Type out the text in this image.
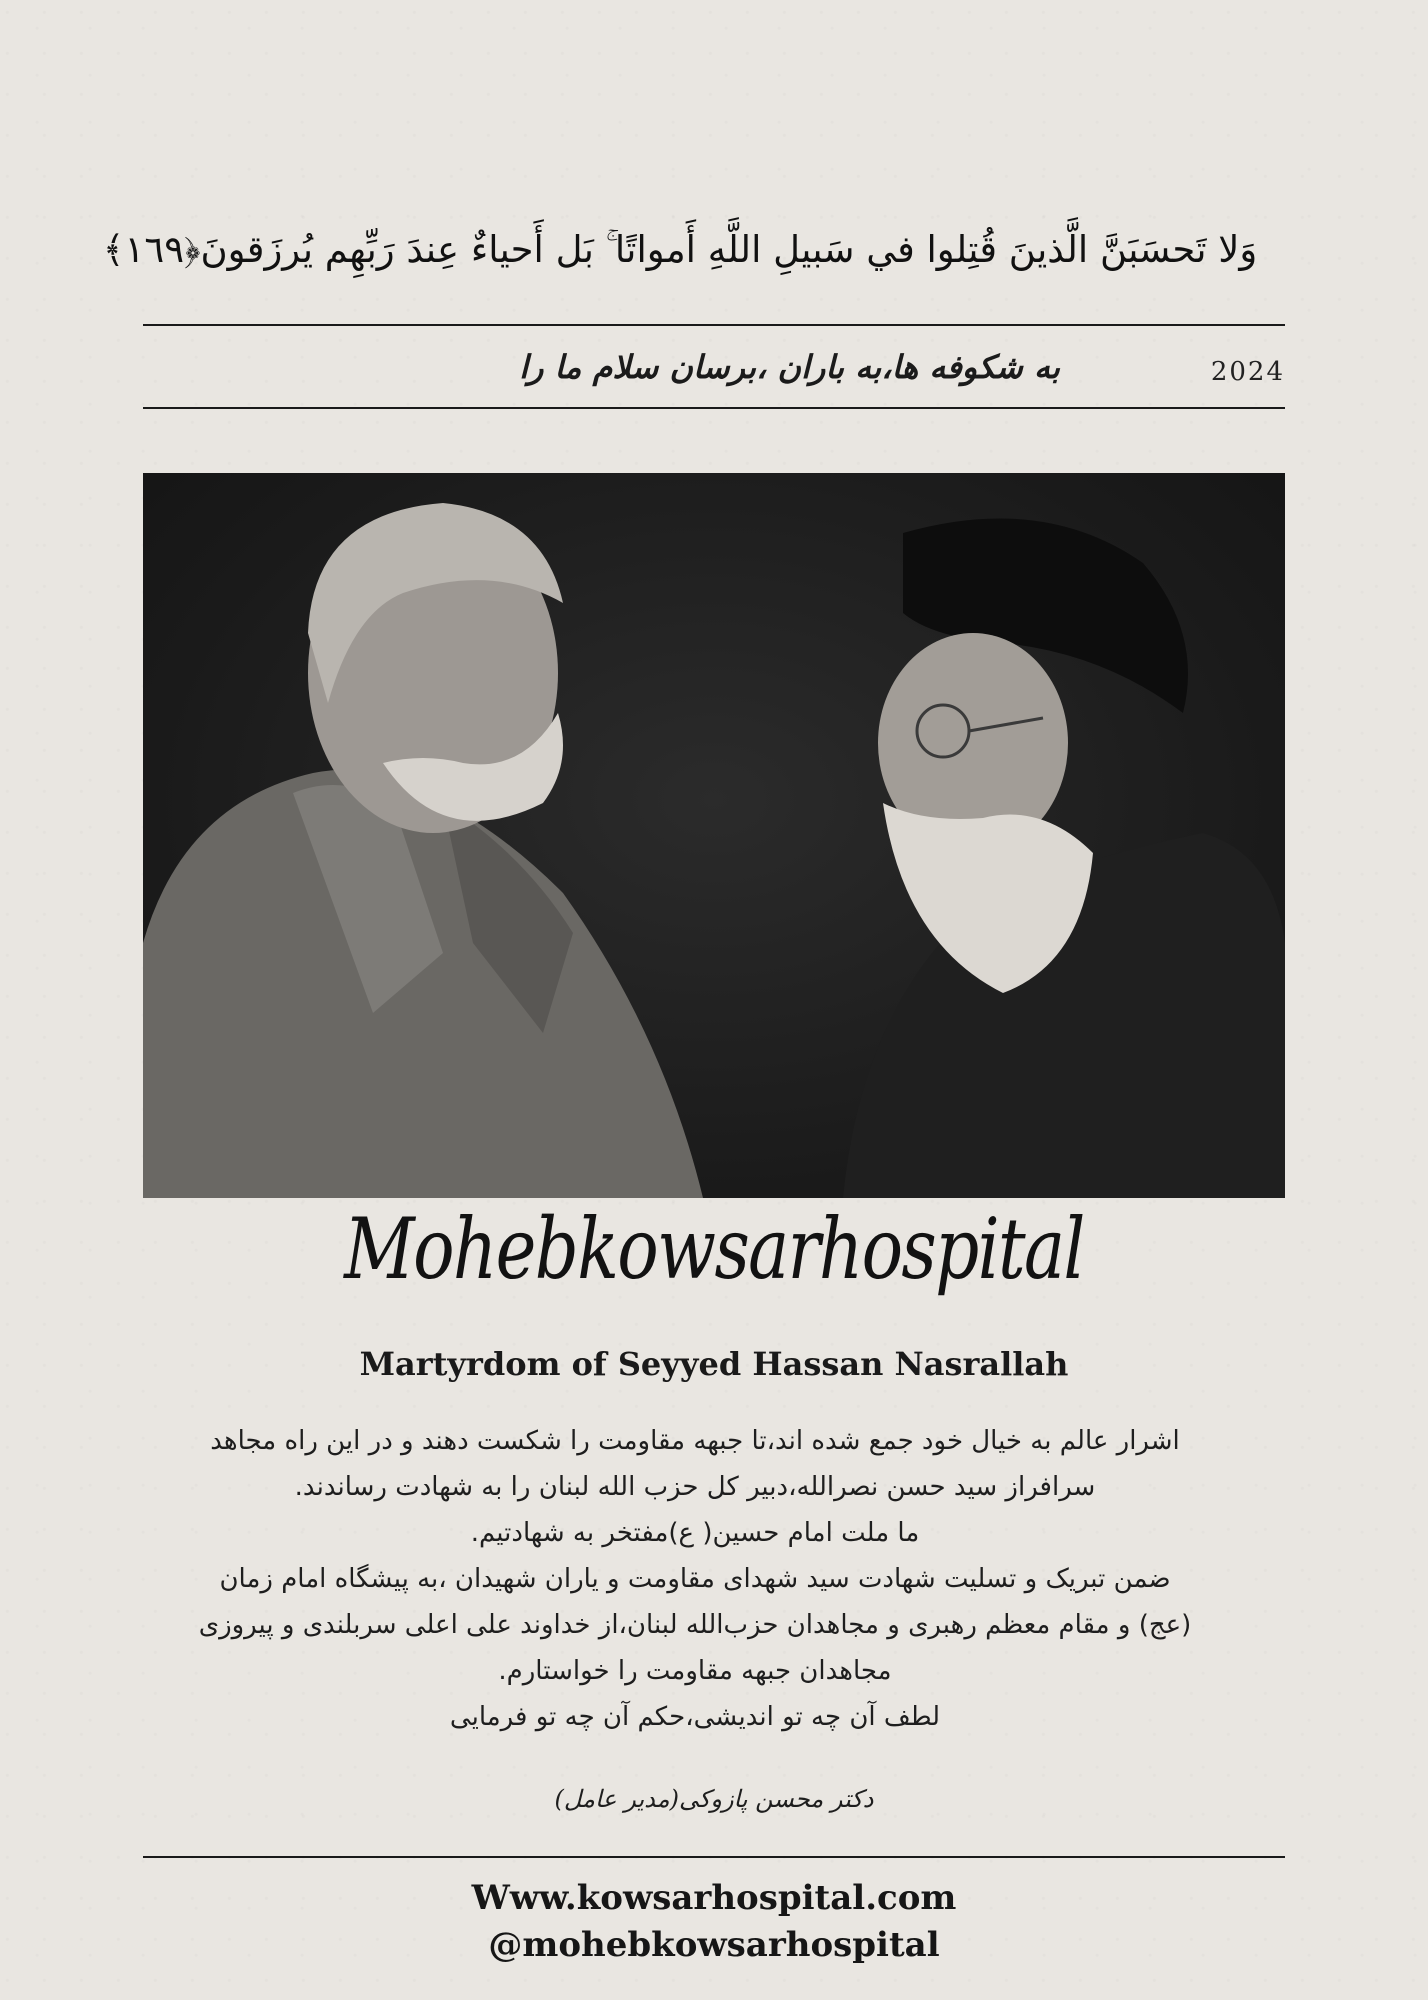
وَلا تَحسَبَنَّ الَّذينَ قُتِلوا في سَبيلِ اللَّهِ أَمواتًا ۚ بَل أَحياءٌ عِندَ رَبِّهِم يُرزَقونَ﴿١٦٩﴾
2024
به شکوفه ها،به باران ،برسان سلام ما را
Mohebkowsarhospital
Martyrdom of Seyyed Hassan Nasrallah

اشرار عالم به خیال خود جمع شده اند،تا جبهه مقاومت را شکست دهند و در این راه مجاهد

سرافراز سید حسن نصرالله،دبیر کل حزب الله لبنان را به شهادت رساندند.

ما ملت امام حسین( ع)مفتخر به شهادتیم.

ضمن تبریک و تسلیت شهادت سید شهدای مقاومت و یاران شهیدان ،به پیشگاه امام زمان

(عج) و مقام معظم رهبری و مجاهدان حزب‌الله لبنان،از خداوند علی اعلی سربلندی و پیروزی

مجاهدان جبهه مقاومت را خواستارم.

لطف آن چه تو اندیشی،حکم آن چه تو فرمایی

دکتر محسن پازوکی(مدیر عامل)
Www.kowsarhospital.com
@mohebkowsarhospital
